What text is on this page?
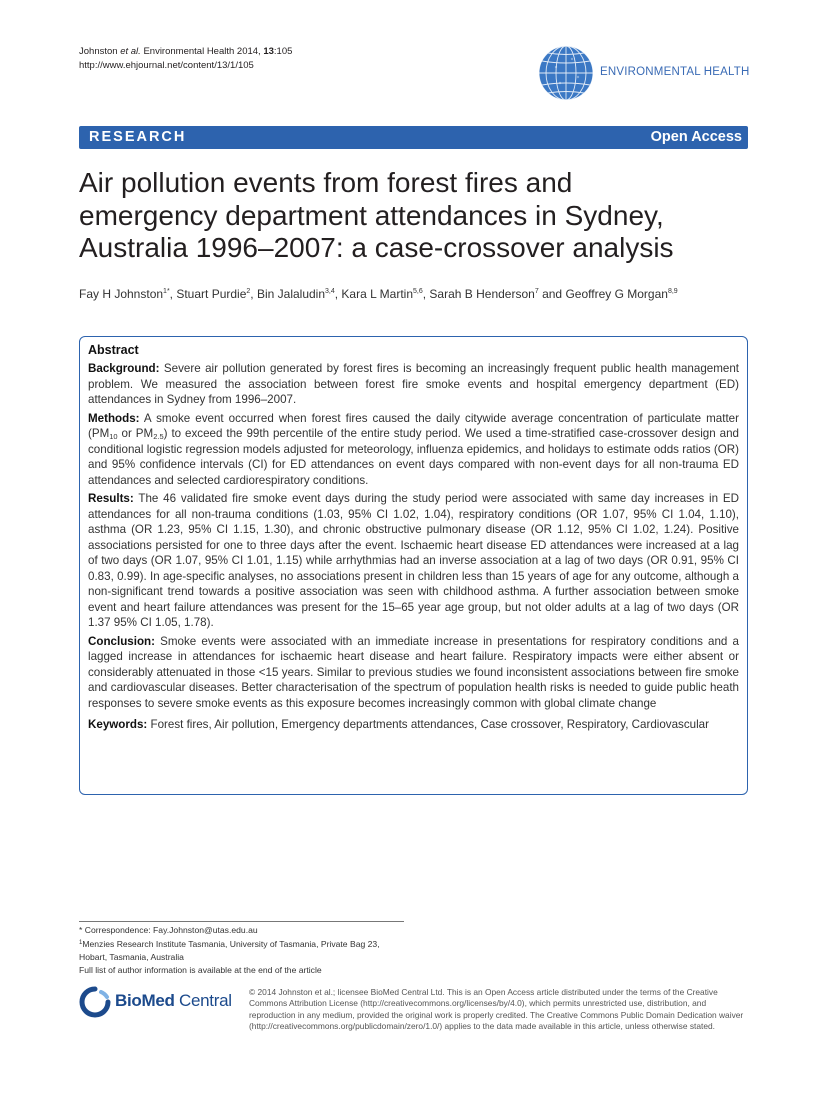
Johnston et al. Environmental Health 2014, 13:105
http://www.ehjournal.net/content/13/1/105
ENVIRONMENTAL HEALTH
RESEARCH	Open Access
Air pollution events from forest fires and
emergency department attendances in Sydney,
Australia 1996–2007: a case-crossover analysis
Fay H Johnston$^{1*}$, Stuart Purdie$^2$, Bin Jalaludin$^{3,4}$, Kara L Martin$^{5,6}$, Sarah B Henderson$^7$ and Geoffrey G Morgan$^{8,9}$
Abstract

Background: Severe air pollution generated by forest fires is becoming an increasingly frequent public health management problem. We measured the association between forest fire smoke events and hospital emergency department (ED) attendances in Sydney from 1996–2007.

Methods: A smoke event occurred when forest fires caused the daily citywide average concentration of particulate matter ($PM_{10}$ or $PM_{2.5}$) to exceed the 99th percentile of the entire study period. We used a time-stratified case-crossover design and conditional logistic regression models adjusted for meteorology, influenza epidemics, and holidays to estimate odds ratios (OR) and 95% confidence intervals (CI) for ED attendances on event days compared with non-event days for all non-trauma ED attendances and selected cardiorespiratory conditions.

Results: The 46 validated fire smoke event days during the study period were associated with same day increases in ED attendances for all non-trauma conditions (1.03, 95% CI 1.02, 1.04), respiratory conditions (OR 1.07, 95% CI 1.04, 1.10), asthma (OR 1.23, 95% CI 1.15, 1.30), and chronic obstructive pulmonary disease (OR 1.12, 95% CI 1.02, 1.24). Positive associations persisted for one to three days after the event. Ischaemic heart disease ED attendances were increased at a lag of two days (OR 1.07, 95% CI 1.01, 1.15) while arrhythmias had an inverse association at a lag of two days (OR 0.91, 95% CI 0.83, 0.99). In age-specific analyses, no associations present in children less than 15 years of age for any outcome, although a non-significant trend towards a positive association was seen with childhood asthma. A further association between smoke event and heart failure attendances was present for the 15–65 year age group, but not older adults at a lag of two days (OR 1.37 95% CI 1.05, 1.78).

Conclusion: Smoke events were associated with an immediate increase in presentations for respiratory conditions and a lagged increase in attendances for ischaemic heart disease and heart failure. Respiratory impacts were either absent or considerably attenuated in those <15 years. Similar to previous studies we found inconsistent associations between fire smoke and cardiovascular diseases. Better characterisation of the spectrum of population health risks is needed to guide public heath responses to severe smoke events as this exposure becomes increasingly common with global climate change

Keywords: Forest fires, Air pollution, Emergency departments attendances, Case crossover, Respiratory, Cardiovascular

* Correspondence: Fay.Johnston@utas.edu.au
$^1$Menzies Research Institute Tasmania, University of Tasmania, Private Bag 23,
Hobart, Tasmania, Australia
Full list of author information is available at the end of the article
BioMed Central © 2014 Johnston et al.; licensee BioMed Central Ltd. This is an Open Access article distributed under the terms of the Creative Commons Attribution License (http://creativecommons.org/licenses/by/4.0), which permits unrestricted use, distribution, and reproduction in any medium, provided the original work is properly credited. The Creative Commons Public Domain Dedication waiver (http://creativecommons.org/publicdomain/zero/1.0/) applies to the data made available in this article, unless otherwise stated.
